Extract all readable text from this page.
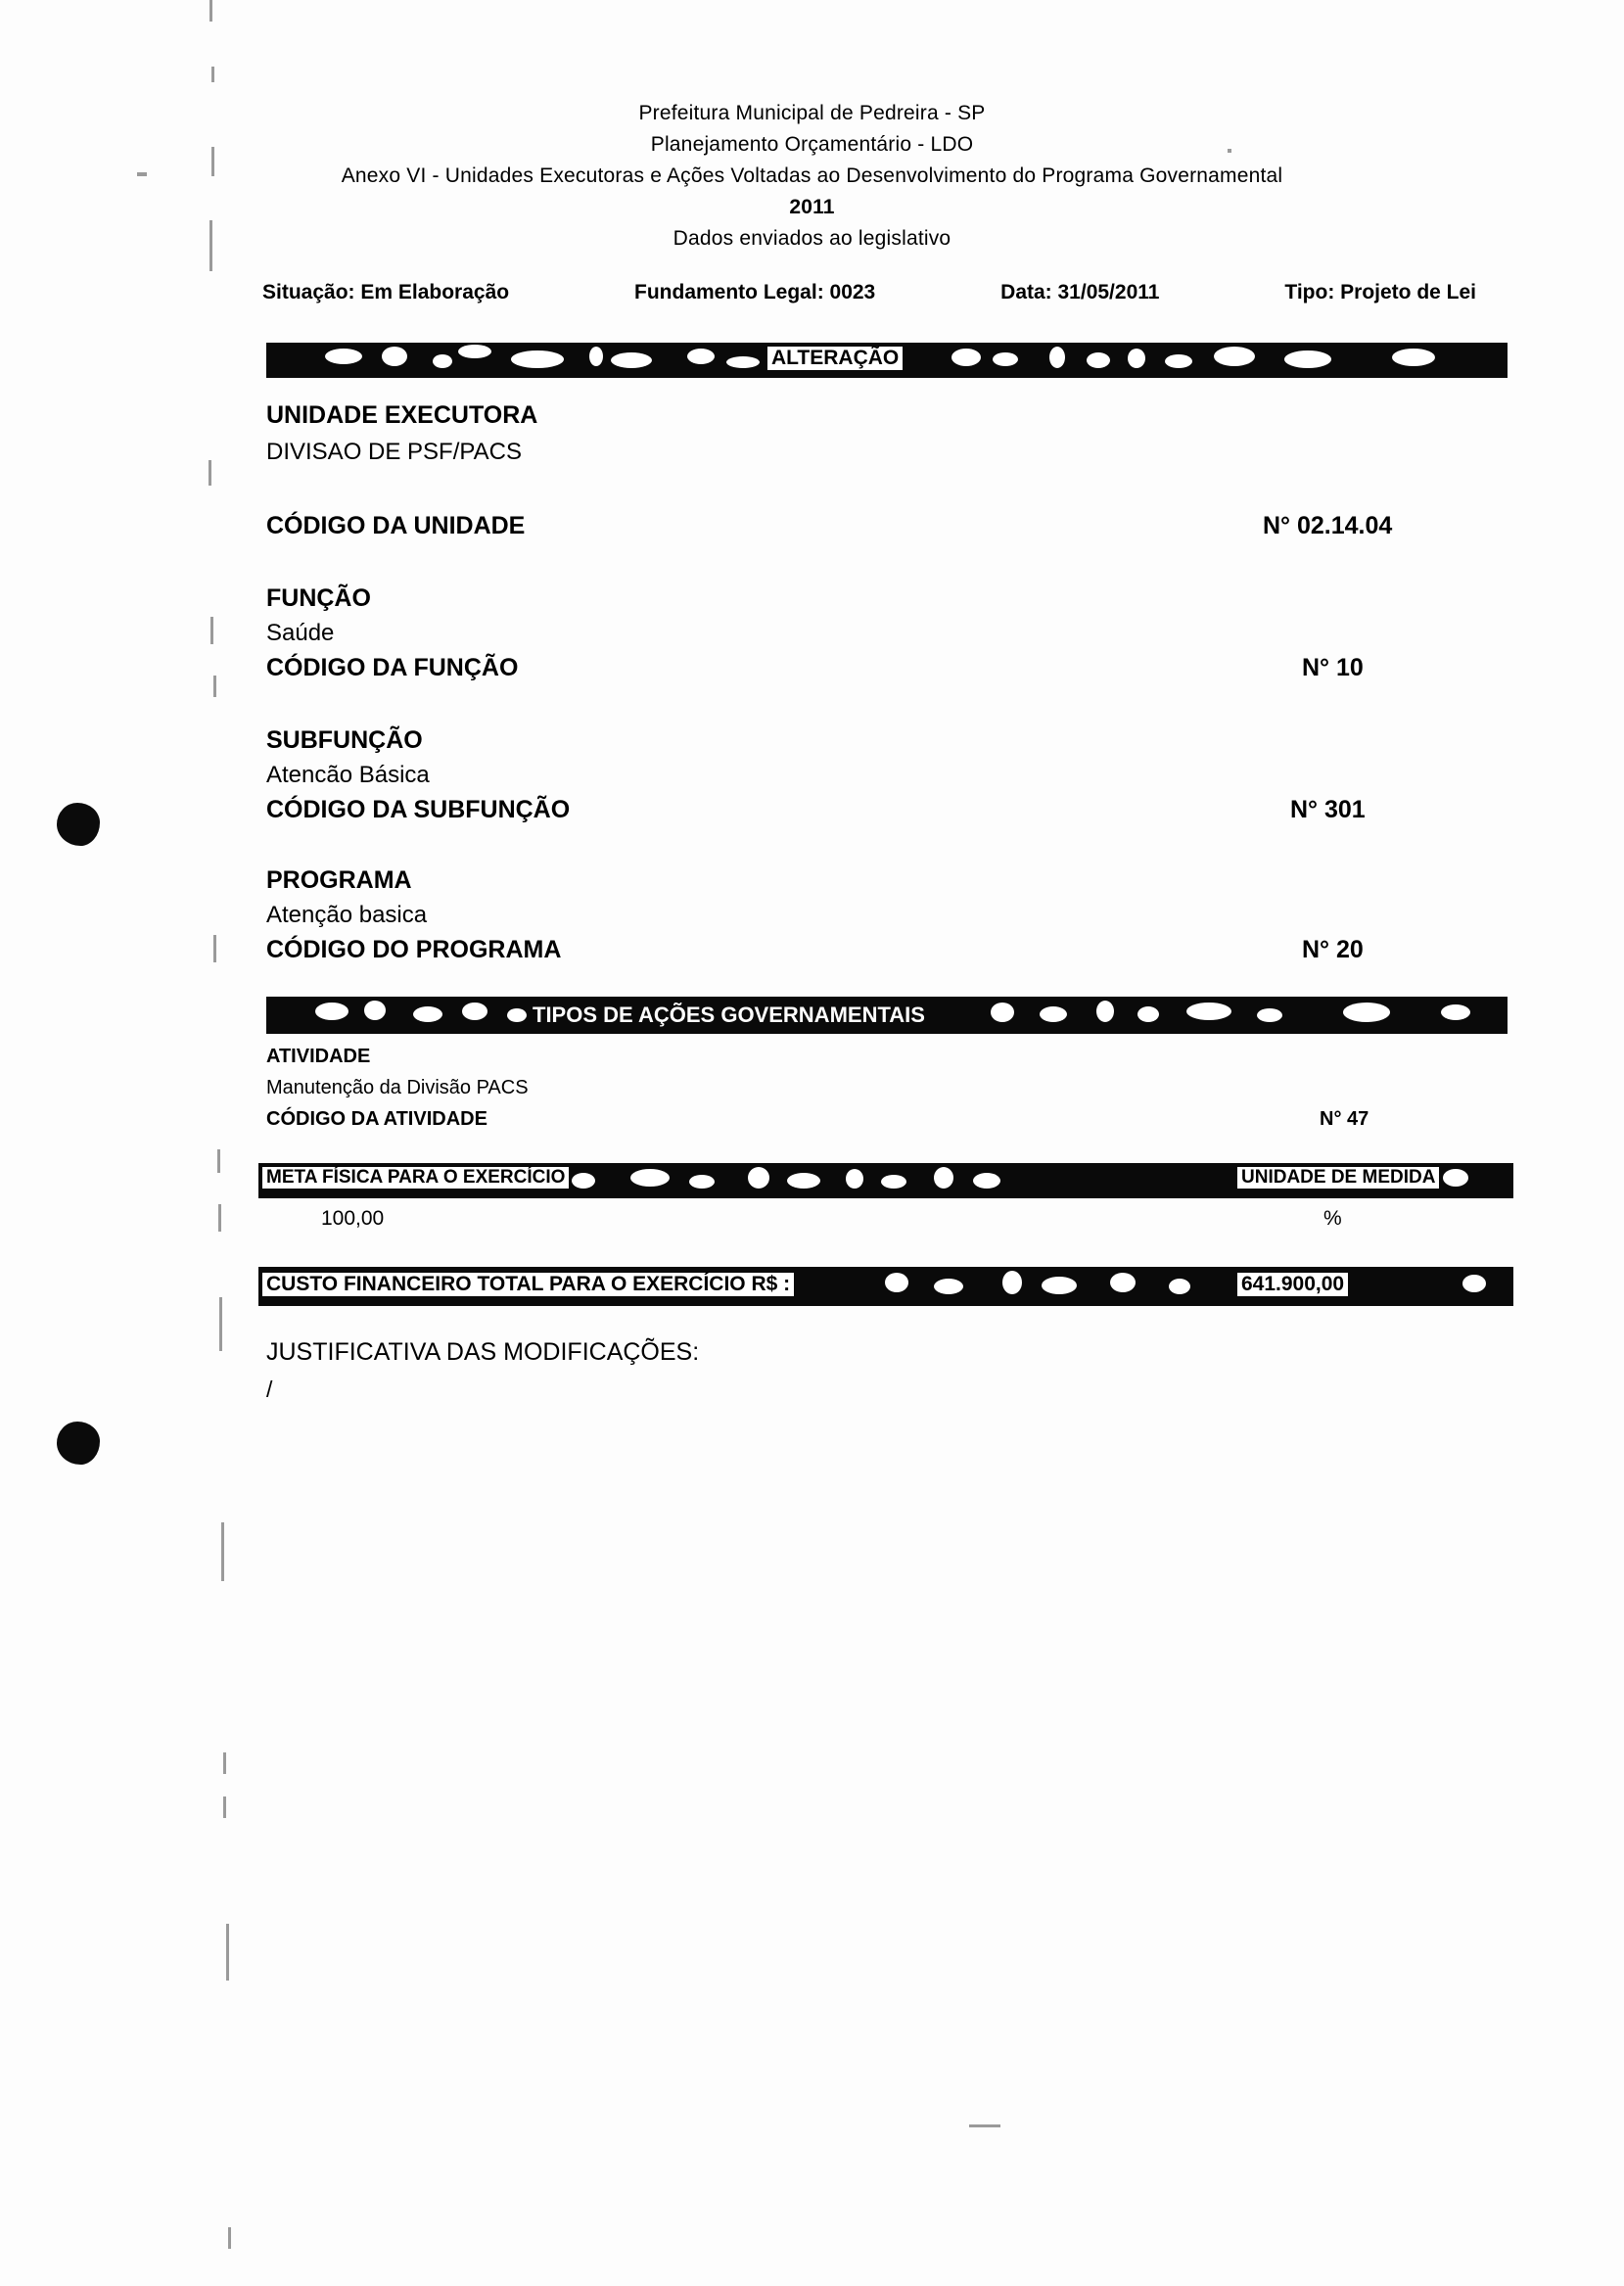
Prefeitura Municipal de Pedreira - SP
Planejamento Orçamentário - LDO
Anexo VI - Unidades Executoras e Ações Voltadas ao Desenvolvimento do Programa Governamental
2011
Dados enviados ao legislativo
Situação: Em Elaboração	Fundamento Legal: 0023	Data: 31/05/2011	Tipo: Projeto de Lei
ALTERAÇÃO
UNIDADE EXECUTORA
DIVISAO DE PSF/PACS
CÓDIGO DA UNIDADE	N° 02.14.04
FUNÇÃO
Saúde
CÓDIGO DA FUNÇÃO	N° 10
SUBFUNÇÃO
Atencão Básica
CÓDIGO DA SUBFUNÇÃO	N° 301
PROGRAMA
Atenção basica
CÓDIGO DO PROGRAMA	N° 20
TIPOS DE AÇÕES GOVERNAMENTAIS
ATIVIDADE
Manutenção da Divisão PACS
CÓDIGO DA ATIVIDADE	N° 47
META FÍSICA PARA O EXERCÍCIO	UNIDADE DE MEDIDA
100,00	%
CUSTO FINANCEIRO TOTAL PARA O EXERCÍCIO R$ :	641.900,00
JUSTIFICATIVA DAS MODIFICAÇÕES:
/
